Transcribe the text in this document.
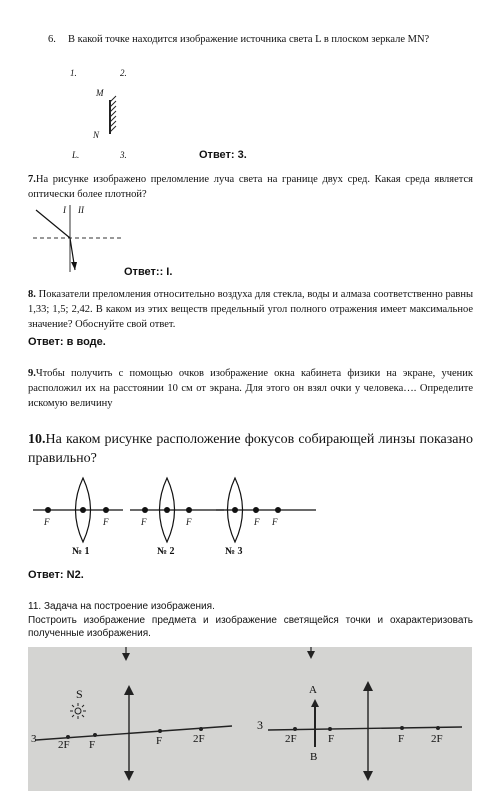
6.	В какой точке находится изображение источника света L в плоском зеркале MN?
1.	2.
M
N
L.	3.	Ответ: 3.
7.На рисунке изображено преломление луча света на границе двух сред. Какая среда является оптически более плотной?
I II
Ответ:: I.
8. Показатели преломления относительно воздуха для стекла, воды и алмаза соответственно равны 1,33; 1,5; 2,42. В каком из этих веществ предельный угол полного отражения имеет максимальное значение? Обоснуйте свой ответ.
Ответ: в воде.
9.Чтобы получить с помощью очков изображение окна кабинета физики на экране, ученик расположил их на расстоянии 10 см от экрана. Для этого он взял очки у человека…. Определите искомую величину
10.На каком рисунке расположение фокусов собирающей линзы показано правильно?
F	F	F	F	F F
№ 1	№ 2	№ 3
Ответ: N2.
11. Задача на построение изображения.
Построить изображение предмета и изображение светящейся точки и охарактеризовать полученные изображения.
S
3 2F F	F	2F
3
A
2F	F
B
F 2F
